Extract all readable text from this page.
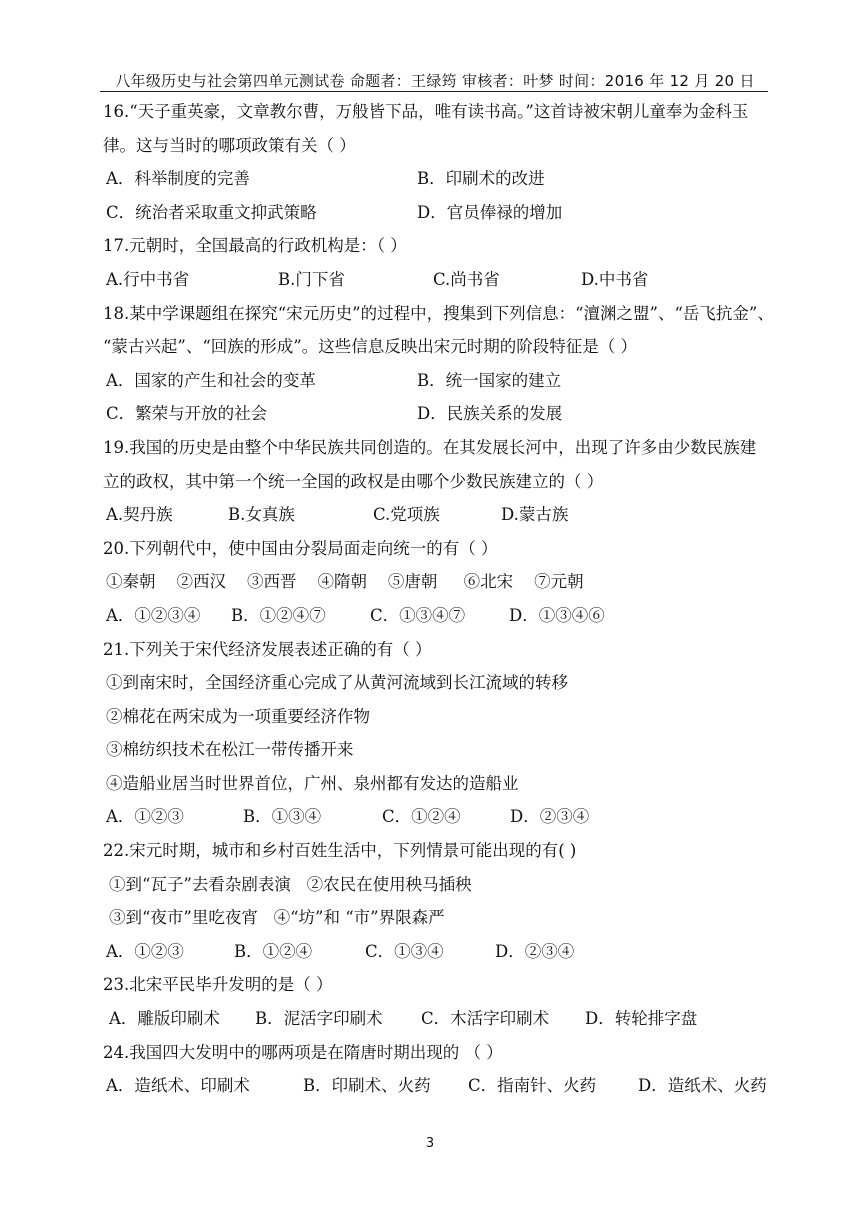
八年级历史与社会第四单元测试卷 命题者：王绿筠 审核者：叶梦 时间：2016 年 12 月 20 日
16.“天子重英豪，文章教尔曹，万般皆下品，唯有读书高。”这首诗被宋朝儿童奉为金科玉
律。这与当时的哪项政策有关（ ）
A．科举制度的完善	B．印刷术的改进
C．统治者采取重文抑武策略	D．官员俸禄的增加
17.元朝时，全国最高的行政机构是：（ ）
A.行中书省	B.门下省	C.尚书省	D.中书省
18.某中学课题组在探究“宋元历史”的过程中，搜集到下列信息：“澶渊之盟”、“岳飞抗金”、
“蒙古兴起”、“回族的形成”。这些信息反映出宋元时期的阶段特征是（ ）
A．国家的产生和社会的变革	B．统一国家的建立
C．繁荣与开放的社会	D．民族关系的发展
19.我国的历史是由整个中华民族共同创造的。在其发展长河中，出现了许多由少数民族建
立的政权，其中第一个统一全国的政权是由哪个少数民族建立的（ ）
A.契丹族	B.女真族	C.党项族	D.蒙古族
20.下列朝代中，使中国由分裂局面走向统一的有（ ）
①秦朝    ②西汉    ③西晋    ④隋朝    ⑤唐朝     ⑥北宋    ⑦元朝
A．①②③④	B．①②④⑦	C．①③④⑦	D．①③④⑥
21.下列关于宋代经济发展表述正确的有（ ）
①到南宋时，全国经济重心完成了从黄河流域到长江流域的转移
②棉花在两宋成为一项重要经济作物
③棉纺织技术在松江一带传播开来
④造船业居当时世界首位，广州、泉州都有发达的造船业
A．①②③	B．①③④	C．①②④	D．②③④
22.宋元时期，城市和乡村百姓生活中，下列情景可能出现的有( )
①到“瓦子”去看杂剧表演   ②农民在使用秧马插秧
③到“夜市”里吃夜宵   ④“坊”和 “市”界限森严
A．①②③	B．①②④	C．①③④	D．②③④
23.北宋平民毕升发明的是（ ）
A．雕版印刷术	B．泥活字印刷术	C．木活字印刷术	D．转轮排字盘
24.我国四大发明中的哪两项是在隋唐时期出现的 （ ）
A．造纸术、印刷术	B．印刷术、火药	C．指南针、火药	D．造纸术、火药
3
